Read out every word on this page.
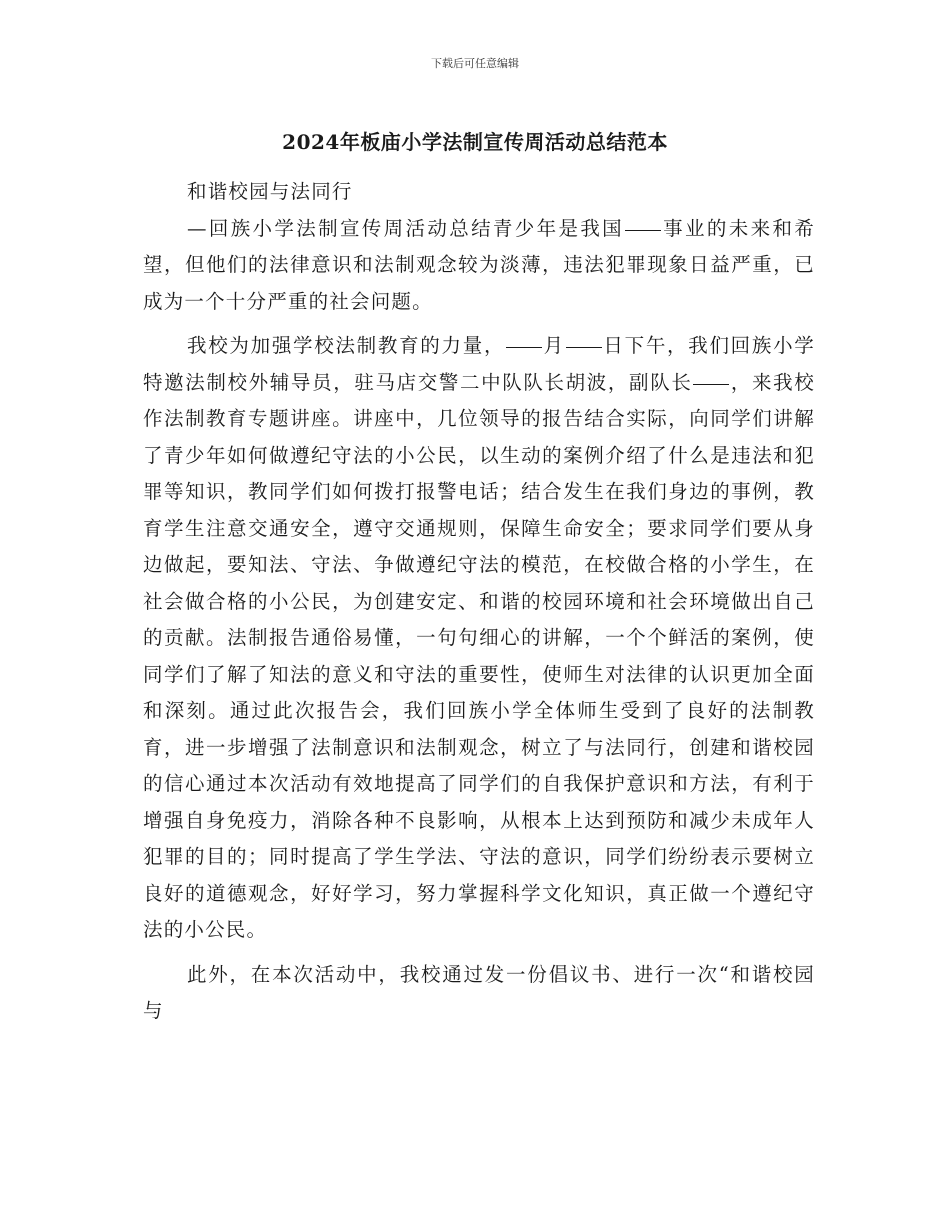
下载后可任意编辑
2024年板庙小学法制宣传周活动总结范本

和谐校园与法同行

—回族小学法制宣传周活动总结青少年是我国 事业的未来和希望，但他们的法律意识和法制观念较为淡薄，违法犯罪现象日益严重，已成为一个十分严重的社会问题。

我校为加强学校法制教育的力量， 月 日下午，我们回族小学特邀法制校外辅导员，驻马店交警二中队队长胡波，副队长 ，来我校作法制教育专题讲座。讲座中，几位领导的报告结合实际，向同学们讲解了青少年如何做遵纪守法的小公民，以生动的案例介绍了什么是违法和犯罪等知识，教同学们如何拨打报警电话；结合发生在我们身边的事例，教育学生注意交通安全，遵守交通规则，保障生命安全；要求同学们要从身边做起，要知法、守法、争做遵纪守法的模范，在校做合格的小学生，在社会做合格的小公民，为创建安定、和谐的校园环境和社会环境做出自己的贡献。法制报告通俗易懂，一句句细心的讲解，一个个鲜活的案例，使同学们了解了知法的意义和守法的重要性，使师生对法律的认识更加全面和深刻。通过此次报告会，我们回族小学全体师生受到了良好的法制教育，进一步增强了法制意识和法制观念，树立了与法同行，创建和谐校园的信心通过本次活动有效地提高了同学们的自我保护意识和方法，有利于增强自身免疫力，消除各种不良影响，从根本上达到预防和减少未成年人犯罪的目的；同时提高了学生学法、守法的意识，同学们纷纷表示要树立良好的道德观念，好好学习，努力掌握科学文化知识，真正做一个遵纪守法的小公民。

此外，在本次活动中，我校通过发一份倡议书、进行一次“和谐校园与
